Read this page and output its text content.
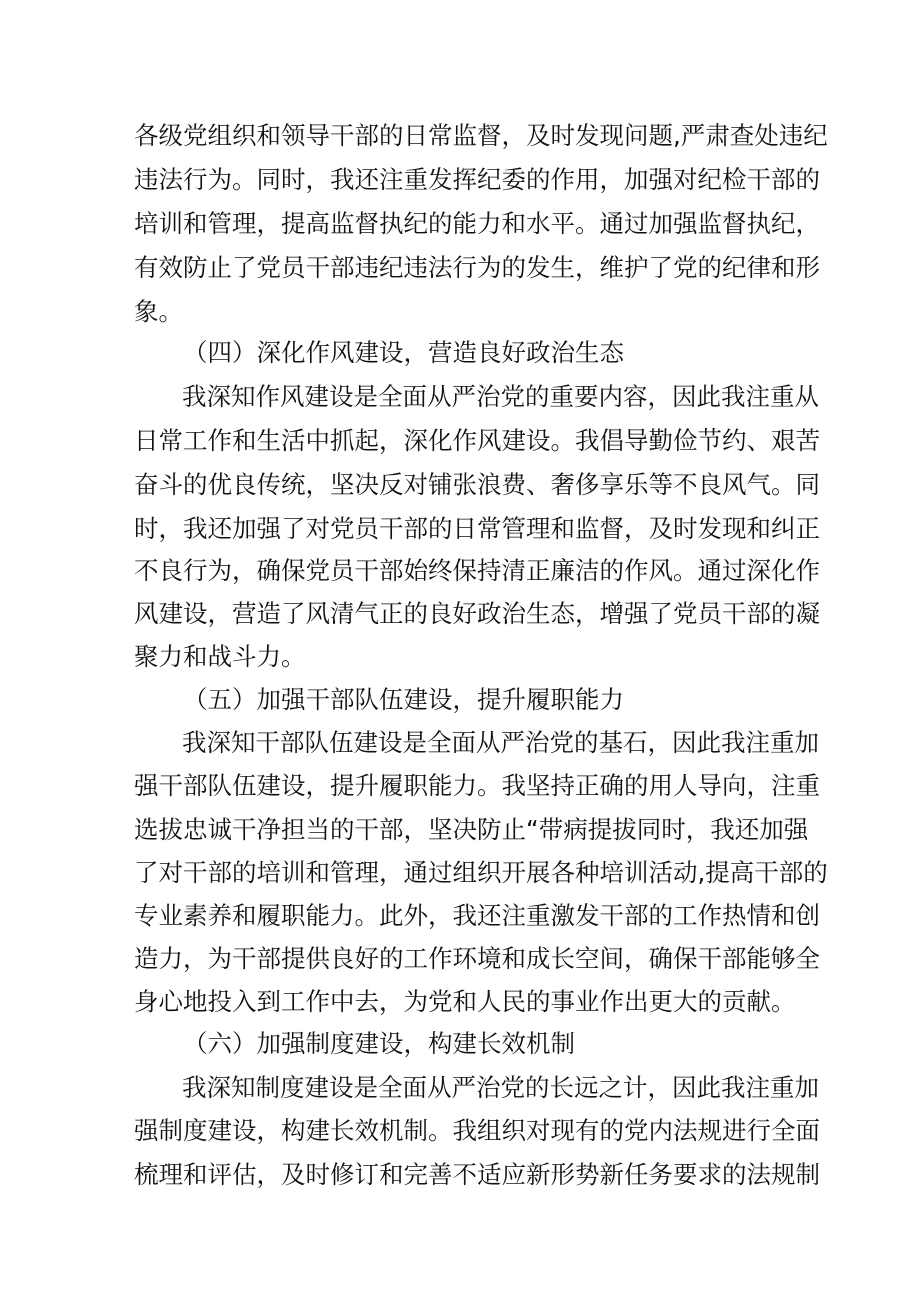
各级党组织和领导干部的日常监督，及时发现问题,严肃查处违纪

违法行为。同时，我还注重发挥纪委的作用，加强对纪检干部的

培训和管理，提高监督执纪的能力和水平。通过加强监督执纪，

有效防止了党员干部违纪违法行为的发生，维护了党的纪律和形

象。

（四）深化作风建设，营造良好政治生态

我深知作风建设是全面从严治党的重要内容，因此我注重从

日常工作和生活中抓起，深化作风建设。我倡导勤俭节约、艰苦

奋斗的优良传统，坚决反对铺张浪费、奢侈享乐等不良风气。同

时，我还加强了对党员干部的日常管理和监督，及时发现和纠正

不良行为，确保党员干部始终保持清正廉洁的作风。通过深化作

风建设，营造了风清气正的良好政治生态，增强了党员干部的凝

聚力和战斗力。

（五）加强干部队伍建设，提升履职能力

我深知干部队伍建设是全面从严治党的基石，因此我注重加

强干部队伍建设，提升履职能力。我坚持正确的用人导向，注重

选拔忠诚干净担当的干部，坚决防止“带病提拔同时，我还加强

了对干部的培训和管理，通过组织开展各种培训活动,提高干部的

专业素养和履职能力。此外，我还注重激发干部的工作热情和创

造力，为干部提供良好的工作环境和成长空间，确保干部能够全

身心地投入到工作中去，为党和人民的事业作出更大的贡献。

（六）加强制度建设，构建长效机制

我深知制度建设是全面从严治党的长远之计，因此我注重加

强制度建设，构建长效机制。我组织对现有的党内法规进行全面

梳理和评估，及时修订和完善不适应新形势新任务要求的法规制
